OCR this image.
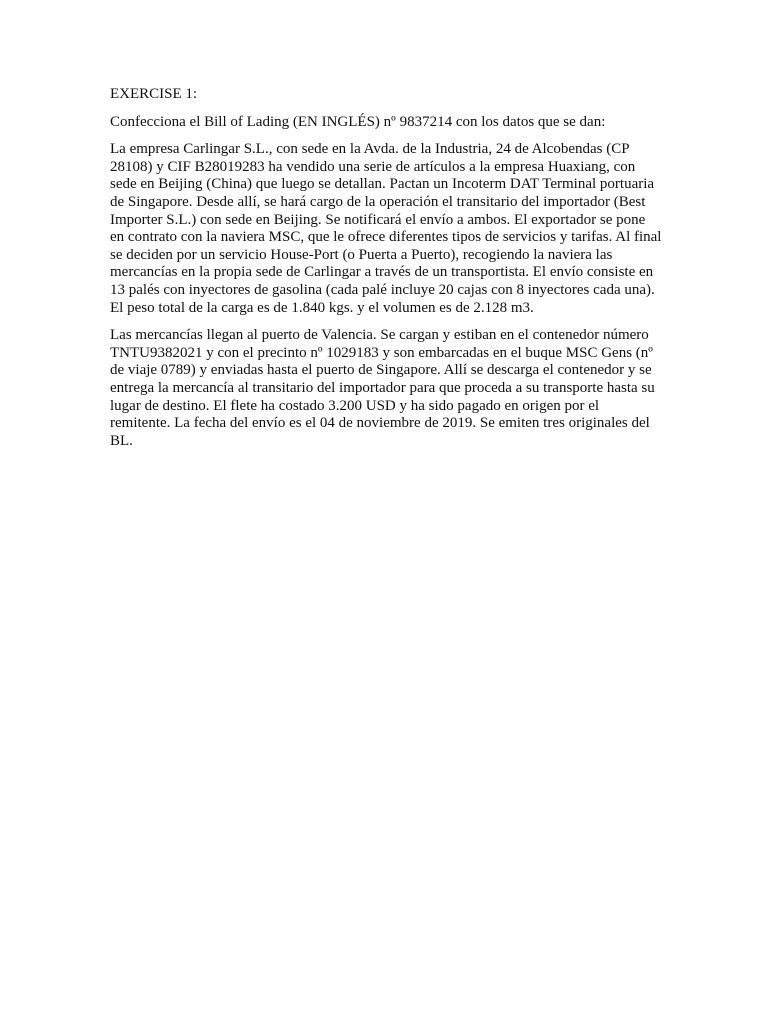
EXERCISE 1:

Confecciona el Bill of Lading (EN INGLÉS) nº 9837214 con los datos que se dan:

La empresa Carlingar S.L., con sede en la Avda. de la Industria, 24 de Alcobendas (CP 28108) y CIF B28019283 ha vendido una serie de artículos a la empresa Huaxiang, con sede en Beijing (China) que luego se detallan. Pactan un Incoterm DAT Terminal portuaria de Singapore. Desde allí, se hará cargo de la operación el transitario del importador (Best Importer S.L.) con sede en Beijing. Se notificará el envío a ambos. El exportador se pone en contrato con la naviera MSC, que le ofrece diferentes tipos de servicios y tarifas. Al final se deciden por un servicio House-Port (o Puerta a Puerto), recogiendo la naviera las mercancías en la propia sede de Carlingar a través de un transportista. El envío consiste en 13 palés con inyectores de gasolina (cada palé incluye 20 cajas con 8 inyectores cada una). El peso total de la carga es de 1.840 kgs. y el volumen es de 2.128 m3.

Las mercancías llegan al puerto de Valencia. Se cargan y estiban en el contenedor número TNTU9382021 y con el precinto nº 1029183 y son embarcadas en el buque MSC Gens (nº de viaje 0789) y enviadas hasta el puerto de Singapore. Allí se descarga el contenedor y se entrega la mercancía al transitario del importador para que proceda a su transporte hasta su lugar de destino. El flete ha costado 3.200 USD y ha sido pagado en origen por el remitente. La fecha del envío es el 04 de noviembre de 2019. Se emiten tres originales del BL.
